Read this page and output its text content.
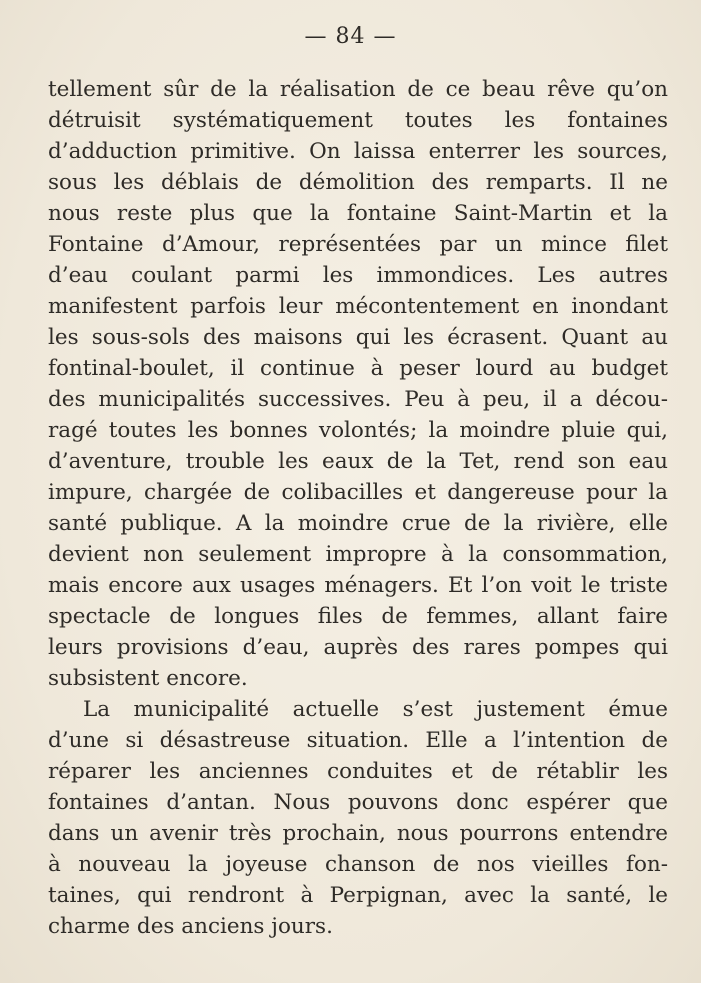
— 84 —
tellement sûr de la réalisation de ce beau rêve qu’on
détruisit systématiquement toutes les fontaines
d’adduction primitive. On laissa enterrer les sources,
sous les déblais de démolition des remparts. Il ne
nous reste plus que la fontaine Saint-Martin et la
Fontaine d’Amour, représentées par un mince filet
d’eau coulant parmi les immondices. Les autres
manifestent parfois leur mécontentement en inondant
les sous-sols des maisons qui les écrasent. Quant au
fontinal-boulet, il continue à peser lourd au budget
des municipalités successives. Peu à peu, il a décou-
ragé toutes les bonnes volontés; la moindre pluie qui,
d’aventure, trouble les eaux de la Tet, rend son eau
impure, chargée de colibacilles et dangereuse pour la
santé publique. A la moindre crue de la rivière, elle
devient non seulement impropre à la consommation,
mais encore aux usages ménagers. Et l’on voit le triste
spectacle de longues files de femmes, allant faire
leurs provisions d’eau, auprès des rares pompes qui
subsistent encore.
La municipalité actuelle s’est justement émue
d’une si désastreuse situation. Elle a l’intention de
réparer les anciennes conduites et de rétablir les
fontaines d’antan. Nous pouvons donc espérer que
dans un avenir très prochain, nous pourrons entendre
à nouveau la joyeuse chanson de nos vieilles fon-
taines, qui rendront à Perpignan, avec la santé, le
charme des anciens jours.
